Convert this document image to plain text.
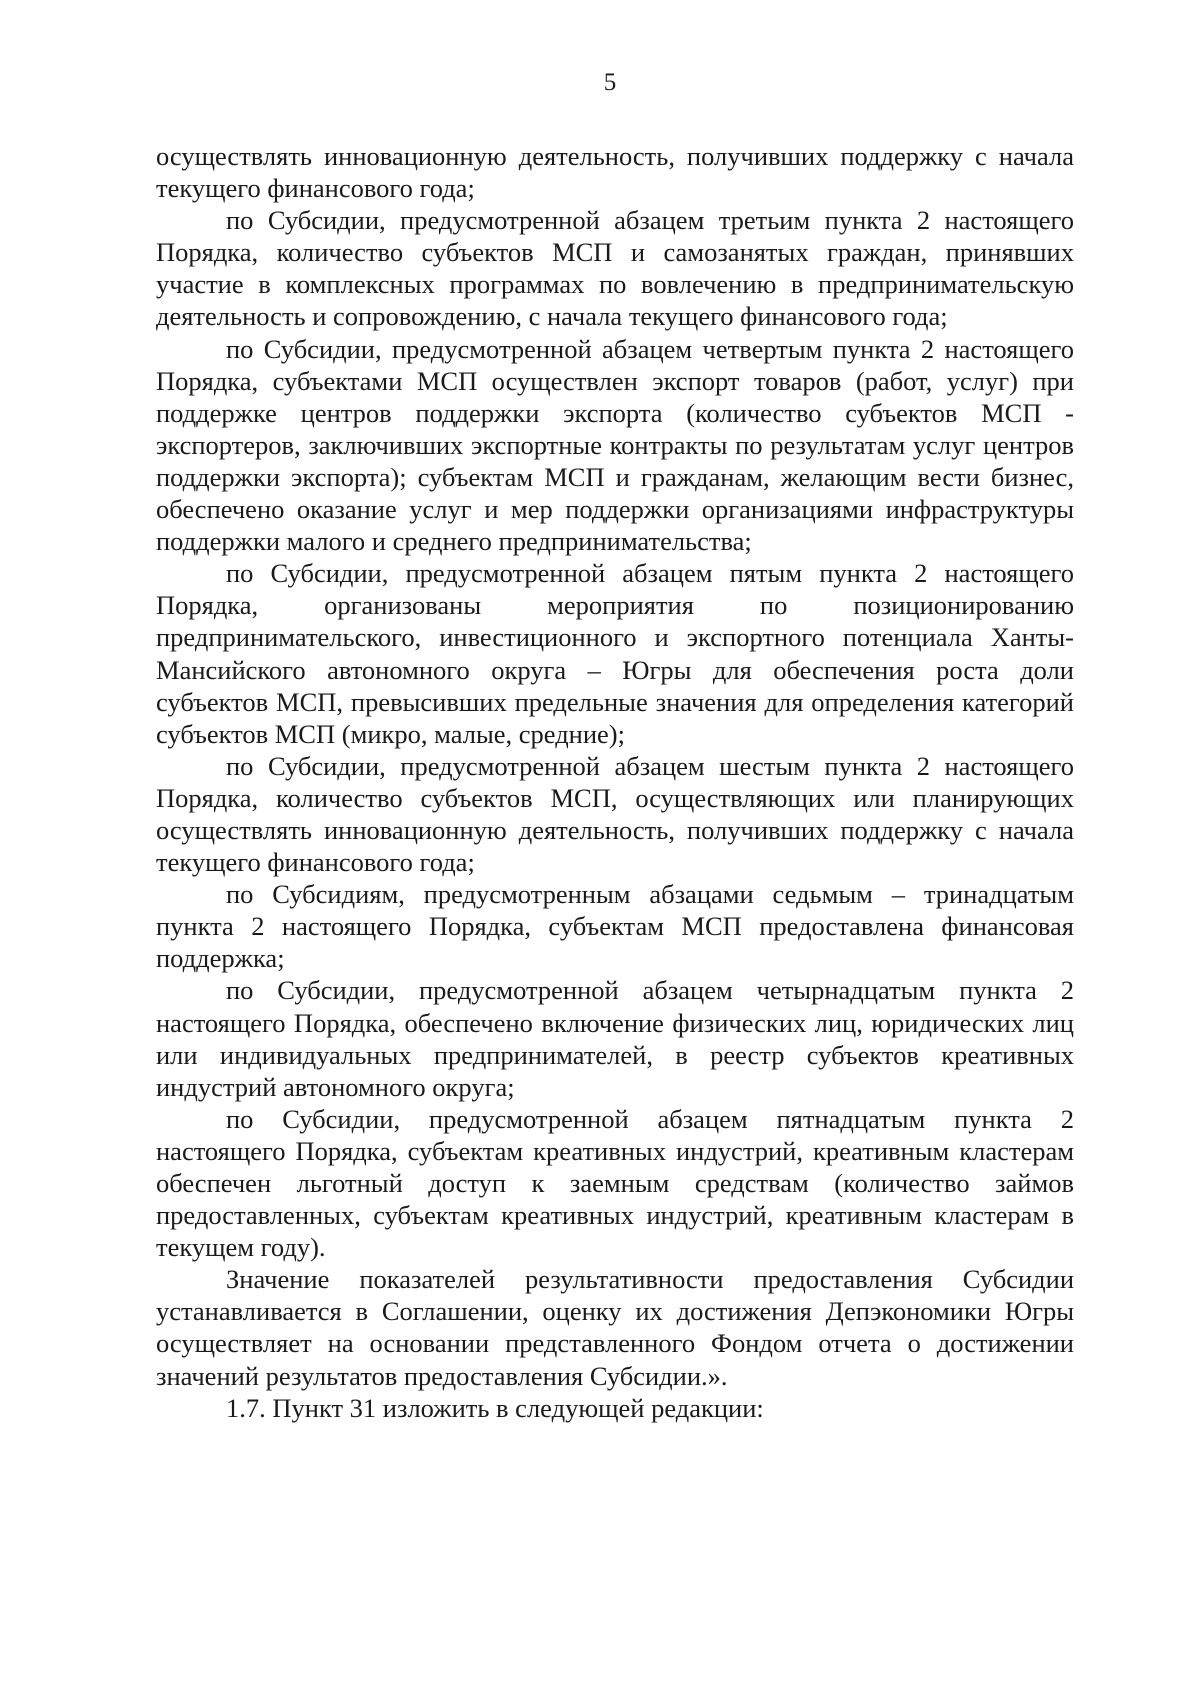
5

осуществлять инновационную деятельность, получивших поддержку с начала текущего финансового года;

по Субсидии, предусмотренной абзацем третьим пункта 2 настоящего Порядка, количество субъектов МСП и самозанятых граждан, принявших участие в комплексных программах по вовлечению в предпринимательскую деятельность и сопровождению, с начала текущего финансового года;

по Субсидии, предусмотренной абзацем четвертым пункта 2 настоящего Порядка, субъектами МСП осуществлен экспорт товаров (работ, услуг) при поддержке центров поддержки экспорта (количество субъектов МСП - экспортеров, заключивших экспортные контракты по результатам услуг центров поддержки экспорта); субъектам МСП и гражданам, желающим вести бизнес, обеспечено оказание услуг и мер поддержки организациями инфраструктуры поддержки малого и среднего предпринимательства;

по Субсидии, предусмотренной абзацем пятым пункта 2 настоящего Порядка, организованы мероприятия по позиционированию предпринимательского, инвестиционного и экспортного потенциала Ханты-Мансийского автономного округа – Югры для обеспечения роста доли субъектов МСП, превысивших предельные значения для определения категорий субъектов МСП (микро, малые, средние);

по Субсидии, предусмотренной абзацем шестым пункта 2 настоящего Порядка, количество субъектов МСП, осуществляющих или планирующих осуществлять инновационную деятельность, получивших поддержку с начала текущего финансового года;

по Субсидиям, предусмотренным абзацами седьмым – тринадцатым пункта 2 настоящего Порядка, субъектам МСП предоставлена финансовая поддержка;

по Субсидии, предусмотренной абзацем четырнадцатым пункта 2 настоящего Порядка, обеспечено включение физических лиц, юридических лиц или индивидуальных предпринимателей, в реестр субъектов креативных индустрий автономного округа;

по Субсидии, предусмотренной абзацем пятнадцатым пункта 2 настоящего Порядка, субъектам креативных индустрий, креативным кластерам обеспечен льготный доступ к заемным средствам (количество займов предоставленных, субъектам креативных индустрий, креативным кластерам в текущем году).

Значение показателей результативности предоставления Субсидии устанавливается в Соглашении, оценку их достижения Депэкономики Югры осуществляет на основании представленного Фондом отчета о достижении значений результатов предоставления Субсидии.».

1.7. Пункт 31 изложить в следующей редакции:
